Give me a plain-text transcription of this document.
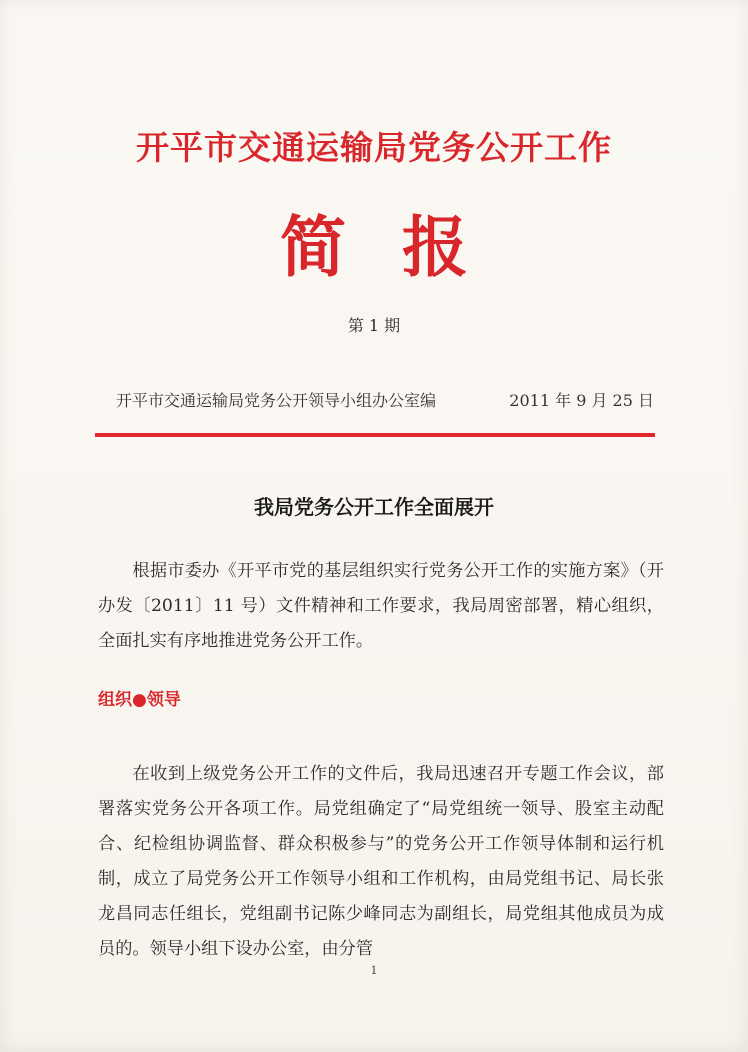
开平市交通运输局党务公开工作
简报
第 1 期
开平市交通运输局党务公开领导小组办公室编	2011 年 9 月 25 日
我局党务公开工作全面展开

根据市委办《开平市党的基层组织实行党务公开工作的实施方案》（开办发〔2011〕11 号）文件精神和工作要求，我局周密部署，精心组织，全面扎实有序地推进党务公开工作。

组织●领导

在收到上级党务公开工作的文件后，我局迅速召开专题工作会议，部署落实党务公开各项工作。局党组确定了“局党组统一领导、股室主动配合、纪检组协调监督、群众积极参与”的党务公开工作领导体制和运行机制，成立了局党务公开工作领导小组和工作机构，由局党组书记、局长张龙昌同志任组长，党组副书记陈少峰同志为副组长，局党组其他成员为成员的。领导小组下设办公室，由分管

1
